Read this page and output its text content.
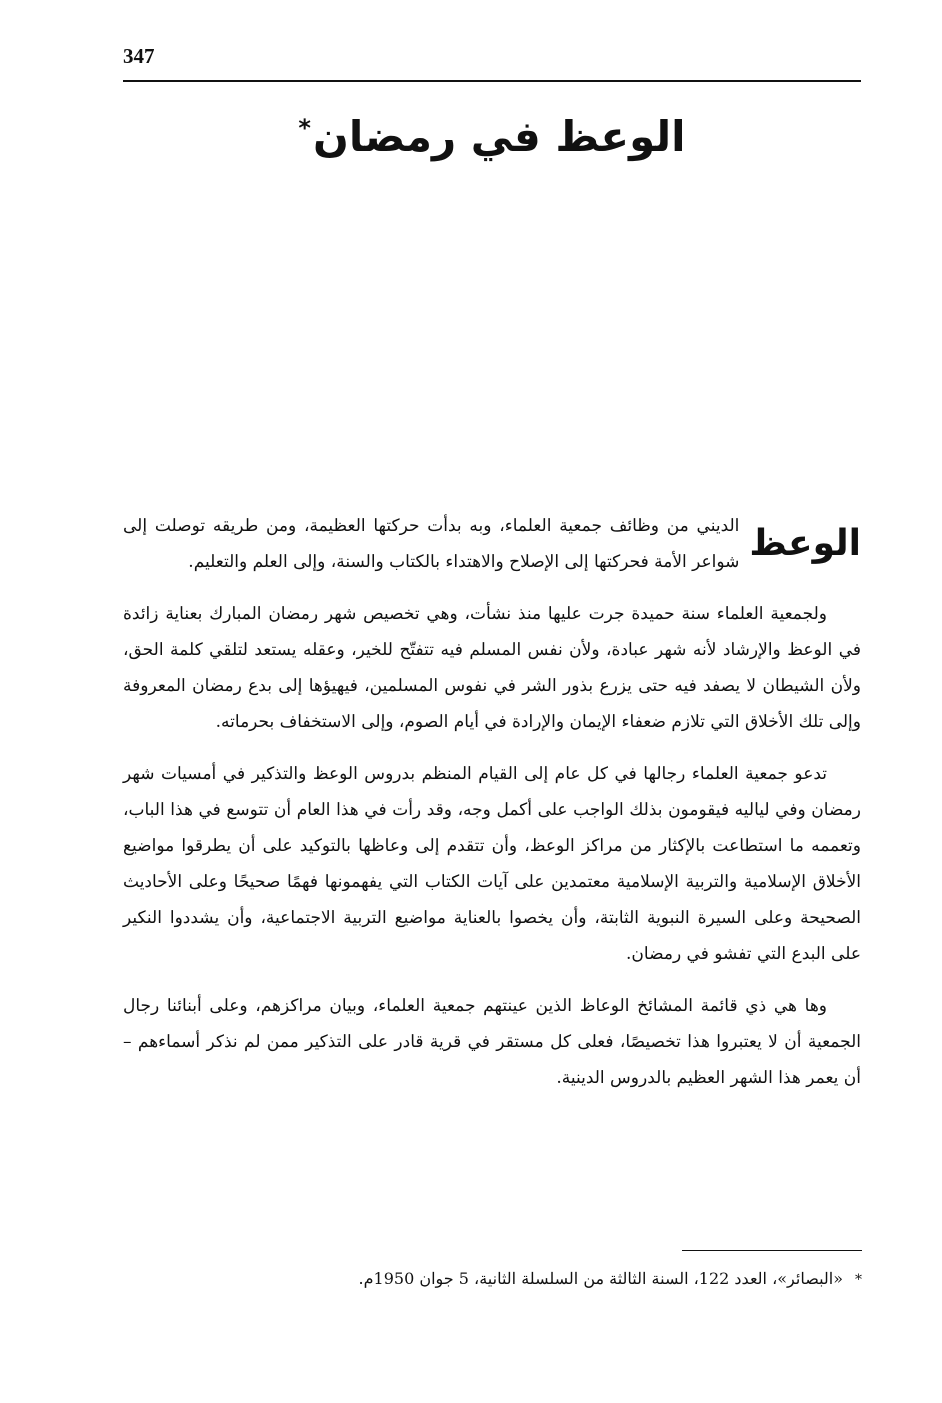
347
الوعظ في رمضان*

الوعظ
الديني من وظائف جمعية العلماء، وبه بدأت حركتها العظيمة، ومن طريقه توصلت إلى شواعر الأمة فحركتها إلى الإصلاح والاهتداء بالكتاب والسنة، وإلى العلم والتعليم.

ولجمعية العلماء سنة حميدة جرت عليها منذ نشأت، وهي تخصيص شهر رمضان المبارك بعناية زائدة في الوعظ والإرشاد لأنه شهر عبادة، ولأن نفس المسلم فيه تتفتّح للخير، وعقله يستعد لتلقي كلمة الحق، ولأن الشيطان لا يصفد فيه حتى يزرع بذور الشر في نفوس المسلمين، فيهيؤها إلى بدع رمضان المعروفة وإلى تلك الأخلاق التي تلازم ضعفاء الإيمان والإرادة في أيام الصوم، وإلى الاستخفاف بحرماته.

تدعو جمعية العلماء رجالها في كل عام إلى القيام المنظم بدروس الوعظ والتذكير في أمسيات شهر رمضان وفي لياليه فيقومون بذلك الواجب على أكمل وجه، وقد رأت في هذا العام أن تتوسع في هذا الباب، وتعممه ما استطاعت بالإكثار من مراكز الوعظ، وأن تتقدم إلى وعاظها بالتوكيد على أن يطرقوا مواضيع الأخلاق الإسلامية والتربية الإسلامية معتمدين على آيات الكتاب التي يفهمونها فهمًا صحيحًا وعلى الأحاديث الصحيحة وعلى السيرة النبوية الثابتة، وأن يخصوا بالعناية مواضيع التربية الاجتماعية، وأن يشددوا النكير على البدع التي تفشو في رمضان.

وها هي ذي قائمة المشائخ الوعاظ الذين عينتهم جمعية العلماء، وبيان مراكزهم، وعلى أبنائنا رجال الجمعية أن لا يعتبروا هذا تخصيصًا، فعلى كل مستقر في قرية قادر على التذكير ممن لم نذكر أسماءهم – أن يعمر هذا الشهر العظيم بالدروس الدينية.

*«البصائر»، العدد 122، السنة الثالثة من السلسلة الثانية، 5 جوان 1950م.
